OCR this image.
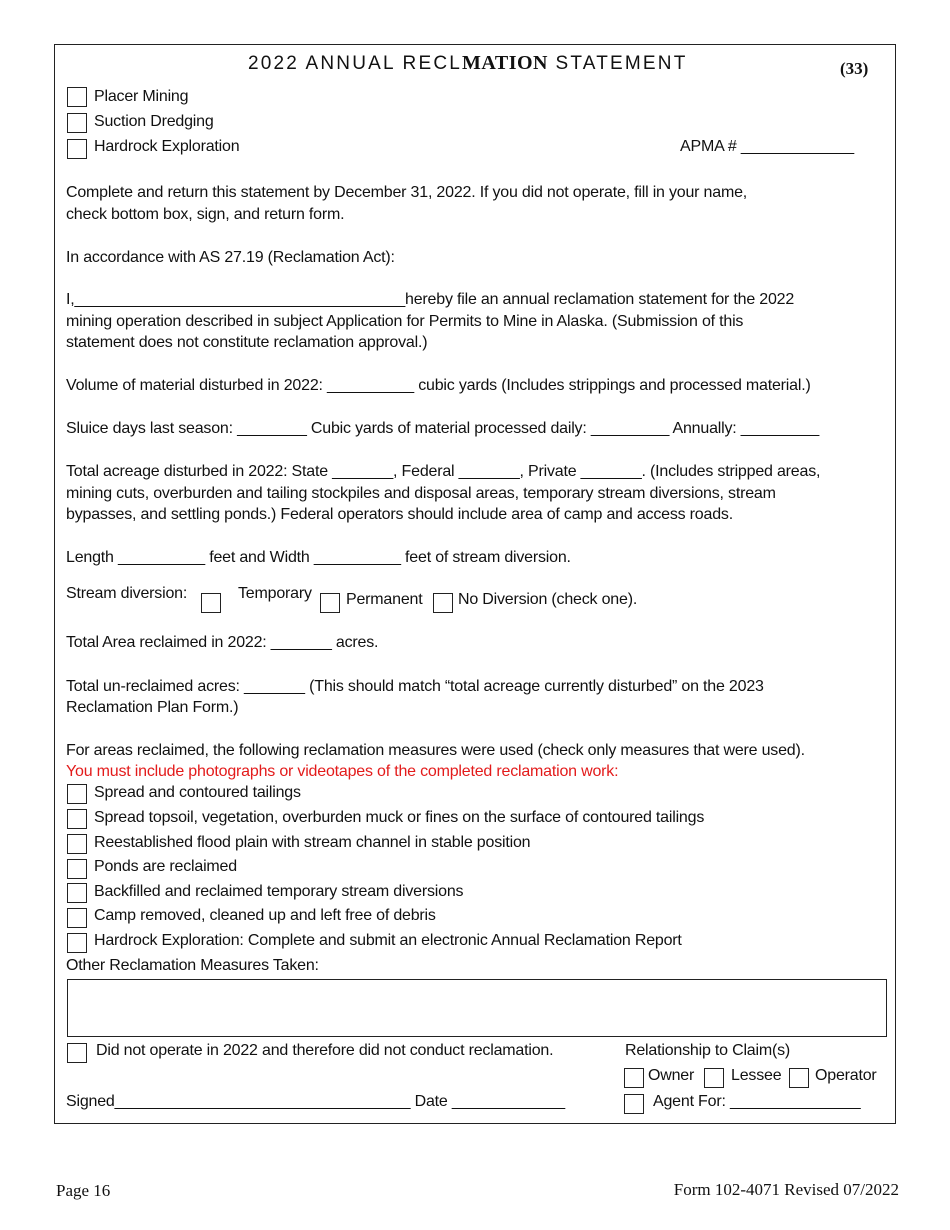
2022 ANNUAL RECLMATION STATEMENT	(33)
Placer Mining
Suction Dredging
Hardrock Exploration	APMA # _____________
Complete and return this statement by December 31, 2022. If you did not operate, fill in your name,
check bottom box, sign, and return form.
In accordance with AS 27.19 (Reclamation Act):
I,______________________________________hereby file an annual reclamation statement for the 2022
mining operation described in subject Application for Permits to Mine in Alaska. (Submission of this
statement does not constitute reclamation approval.)
Volume of material disturbed in 2022: __________ cubic yards (Includes strippings and processed material.)
Sluice days last season: ________ Cubic yards of material processed daily: _________ Annually: _________
Total acreage disturbed in 2022: State _______, Federal _______, Private _______. (Includes stripped areas,
mining cuts, overburden and tailing stockpiles and disposal areas, temporary stream diversions, stream
bypasses, and settling ponds.) Federal operators should include area of camp and access roads.
Length __________ feet and Width __________ feet of stream diversion.
Stream diversion:	Temporary Permanent No Diversion (check one).
Total Area reclaimed in 2022: _______ acres.
Total un-reclaimed acres: _______ (This should match “total acreage currently disturbed” on the 2023
Reclamation Plan Form.)
For areas reclaimed, the following reclamation measures were used (check only measures that were used).
You must include photographs or videotapes of the completed reclamation work:
Spread and contoured tailings
Spread topsoil, vegetation, overburden muck or fines on the surface of contoured tailings
Reestablished flood plain with stream channel in stable position
Ponds are reclaimed
Backfilled and reclaimed temporary stream diversions
Camp removed, cleaned up and left free of debris
Hardrock Exploration: Complete and submit an electronic Annual Reclamation Report
Other Reclamation Measures Taken:
Did not operate in 2022 and therefore did not conduct reclamation.	Relationship to Claim(s)
Owner Lessee Operator
Signed__________________________________ Date _____________	Agent For: _______________
Page 16	Form 102-4071 Revised 07/2022
